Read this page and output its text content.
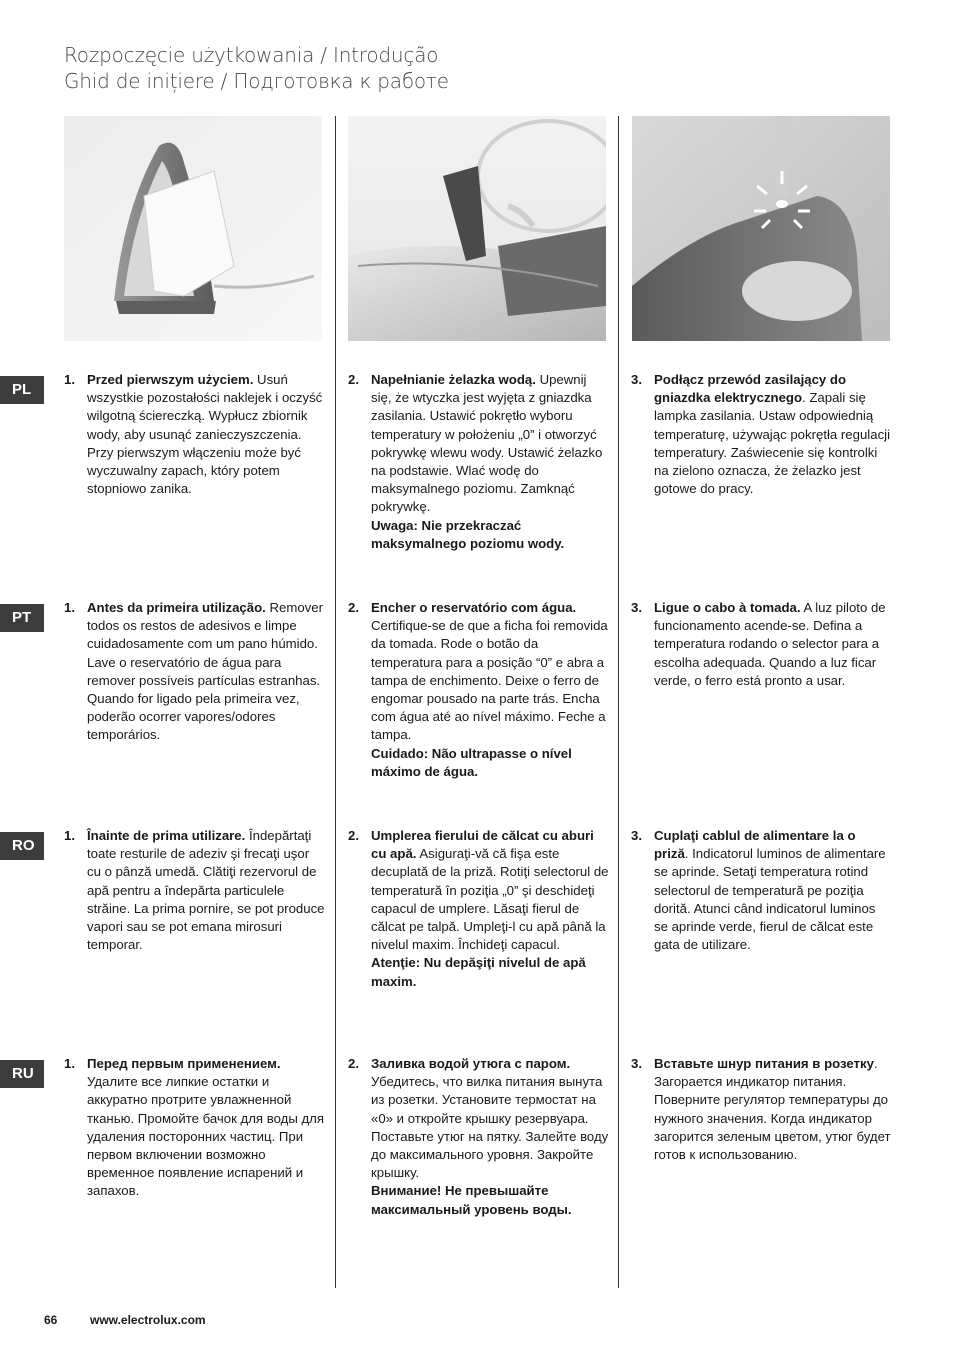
Rozpoczęcie użytkowania / Introdução
Ghid de inițiere / Подготовка к работе
PL
PT
RO
RU
1. Przed pierwszym użyciem. Usuń wszystkie pozostałości naklejek i oczyść wilgotną ściereczką. Wypłucz zbiornik wody, aby usunąć zanieczyszczenia. Przy pierwszym włączeniu może być wyczuwalny zapach, który potem stopniowo zanika.
2. Napełnianie żelazka wodą. Upewnij się, że wtyczka jest wyjęta z gniazdka zasilania. Ustawić pokrętło wyboru temperatury w położeniu „0” i otworzyć pokrywkę wlewu wody. Ustawić żelazko na podstawie. Wlać wodę do maksymalnego poziomu. Zamknąć pokrywkę.
Uwaga: Nie przekraczać maksymalnego poziomu wody.
3. Podłącz przewód zasilający do gniazdka elektrycznego. Zapali się lampka zasilania. Ustaw odpowiednią temperaturę, używając pokrętła regulacji temperatury. Zaświecenie się kontrolki na zielono oznacza, że żelazko jest gotowe do pracy.
1. Antes da primeira utilização. Remover todos os restos de adesivos e limpe cuidadosamente com um pano húmido. Lave o reservatório de água para remover possíveis partículas estranhas. Quando for ligado pela primeira vez, poderão ocorrer vapores/odores temporários.
2. Encher o reservatório com água. Certifique-se de que a ficha foi removida da tomada. Rode o botão da temperatura para a posição “0” e abra a tampa de enchimento. Deixe o ferro de engomar pousado na parte trás. Encha com água até ao nível máximo. Feche a tampa.
Cuidado: Não ultrapasse o nível máximo de água.
3. Ligue o cabo à tomada. A luz piloto de funcionamento acende-se. Defina a temperatura rodando o selector para a escolha adequada. Quando a luz ficar verde, o ferro está pronto a usar.
1. Înainte de prima utilizare. Îndepărtaţi toate resturile de adeziv şi frecaţi uşor cu o pânză umedă. Clătiţi rezervorul de apă pentru a îndepărta particulele străine. La prima pornire, se pot produce vapori sau se pot emana mirosuri temporar.
2. Umplerea fierului de călcat cu aburi cu apă. Asiguraţi-vă că fişa este decuplată de la priză. Rotiţi selectorul de temperatură în poziţia „0” şi deschideţi capacul de umplere. Lăsaţi fierul de călcat pe talpă. Umpleţi-l cu apă până la nivelul maxim. Închideţi capacul.
Atenţie: Nu depăşiţi nivelul de apă maxim.
3. Cuplaţi cablul de alimentare la o priză. Indicatorul luminos de alimentare se aprinde. Setaţi temperatura rotind selectorul de temperatură pe poziţia dorită. Atunci când indicatorul luminos se aprinde verde, fierul de călcat este gata de utilizare.
1. Перед первым применением. Удалите все липкие остатки и аккуратно протрите увлажненной тканью. Промойте бачок для воды для удаления посторонних частиц. При первом включении возможно временное появление испарений и запахов.
2. Заливка водой утюга с паром. Убедитесь, что вилка питания вынута из розетки. Установите термостат на «0» и откройте крышку резервуара. Поставьте утюг на пятку. Залейте воду до максимального уровня. Закройте крышку.
Внимание! Не превышайте максимальный уровень воды.
3. Вставьте шнур питания в розетку. Загорается индикатор питания. Поверните регулятор температуры до нужного значения. Когда индикатор загорится зеленым цветом, утюг будет готов к использованию.
66	www.electrolux.com
